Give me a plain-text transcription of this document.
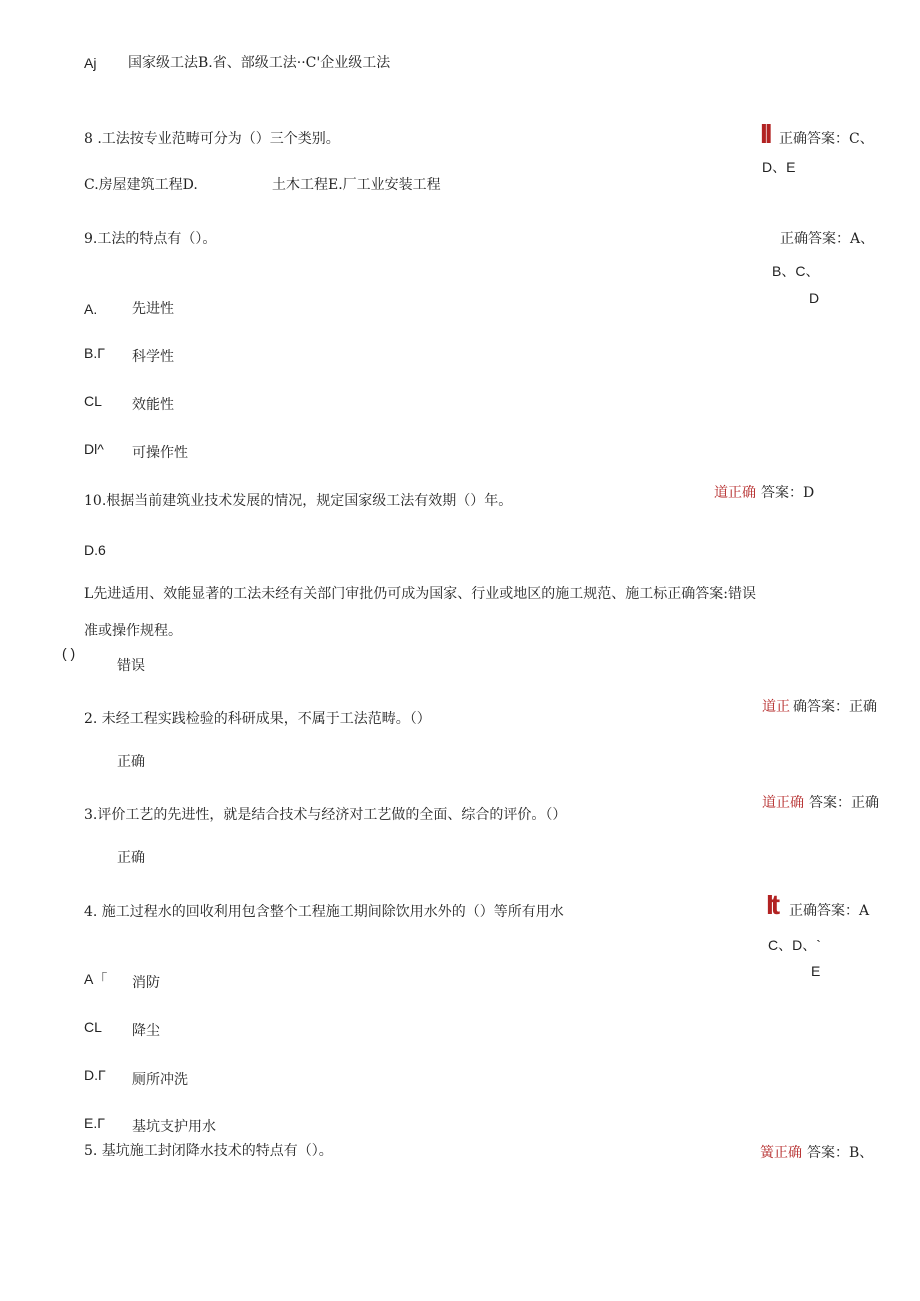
Aj 国家级工法B.省、部级工法··C'企业级工法
8 .工法按专业范畴可分为（）三个类别。	II 正确答案：C、
D、E
C.房屋建筑工程D.	土木工程E.厂工业安装工程
9.工法的特点有（）。	正确答案：A、
B、C、
D
A. 先进性
B.Γ 科学性
CL 效能性
Dl^ 可操作性
10.根据当前建筑业技术发展的情况，规定国家级工法有效期（）年。	道正确 答案：D
D.6
L先进适用、效能显著的工法未经有关部门审批仍可成为国家、行业或地区的施工规范、施工标正确答案:错误
准或操作规程。
( )
错误
道正 确答案：正确
2. 未经工程实践检验的科研成果，不属于工法范畴。（）
正确
道正确 答案：正确
3.评价工艺的先进性，就是结合技术与经济对工艺做的全面、综合的评价。（）
正确
4. 施工过程水的回收利用包含整个工程施工期间除饮用水外的（）等所有用水	It 正确答案：A
C、D、`
E
A「 消防
CL 降尘
D.Γ 厕所冲洗
E.Γ 基坑支护用水
5. 基坑施工封闭降水技术的特点有（）。	簧正确 答案：B、
